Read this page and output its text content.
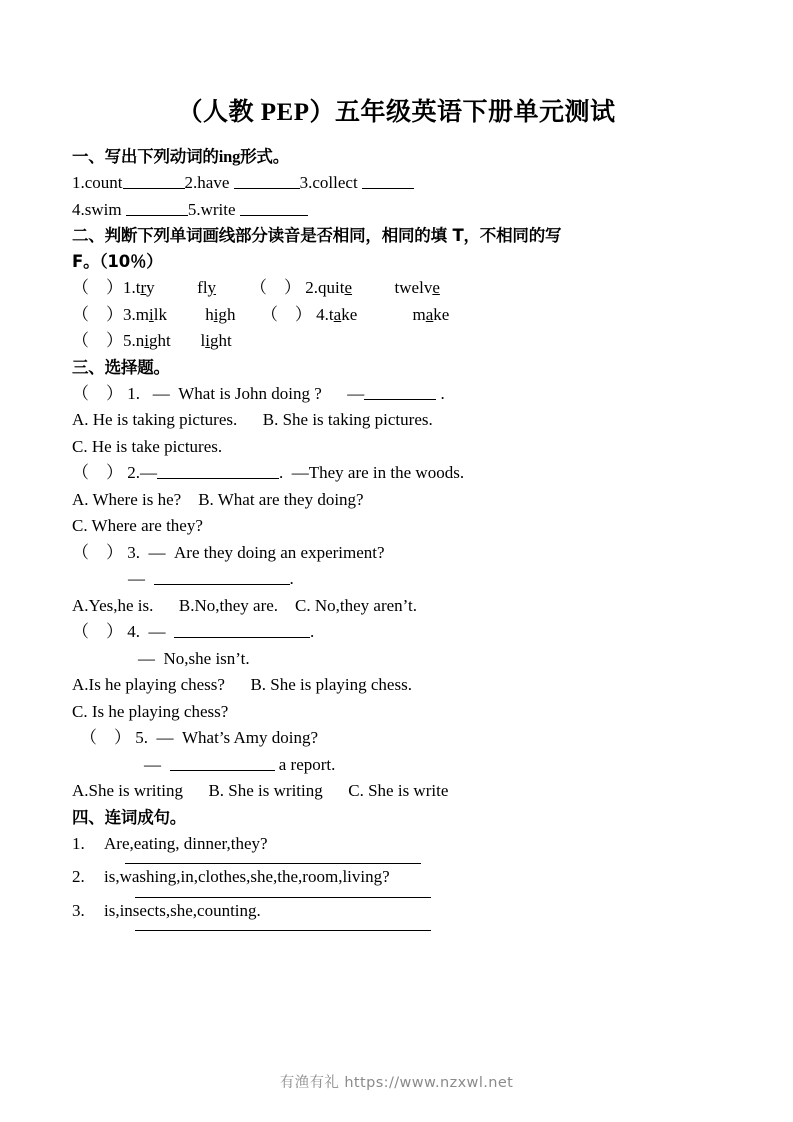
（人教 PEP）五年级英语下册单元测试
一、写出下列动词的ing形式。
1.count	2.have	3.collect
4.swim	5.write
二、判断下列单词画线部分读音是否相同，相同的填 T，不相同的写
F。（10％）
（    ）1.try          fly        （    ） 2.quite          twelve
（    ）3.milk         high      （    ） 4.take             make
（    ）5.night       light
三、选择题。
（    ） 1.   —  What is John doing ?      —	.
A. He is taking pictures.      B. She is taking pictures.
C. He is take pictures.
（    ） 2.—	.  —They are in the woods.
A. Where is he?    B. What are they doing?
C. Where are they?
（    ） 3.  —  Are they doing an experiment?
—	.
A.Yes,he is.      B.No,they are.    C. No,they aren’t.
（    ） 4.  —	.
—  No,she isn’t.
A.Is he playing chess?      B. She is playing chess.
C. Is he playing chess?
（    ） 5.  —  What’s Amy doing?
—	a report.
A.She is writing      B. She is writing      C. She is write
四、连词成句。
1. Are,eating, dinner,they?
2. is,washing,in,clothes,she,the,room,living?
3. is,insects,she,counting.
有渔有礼 https://www.nzxwl.net
